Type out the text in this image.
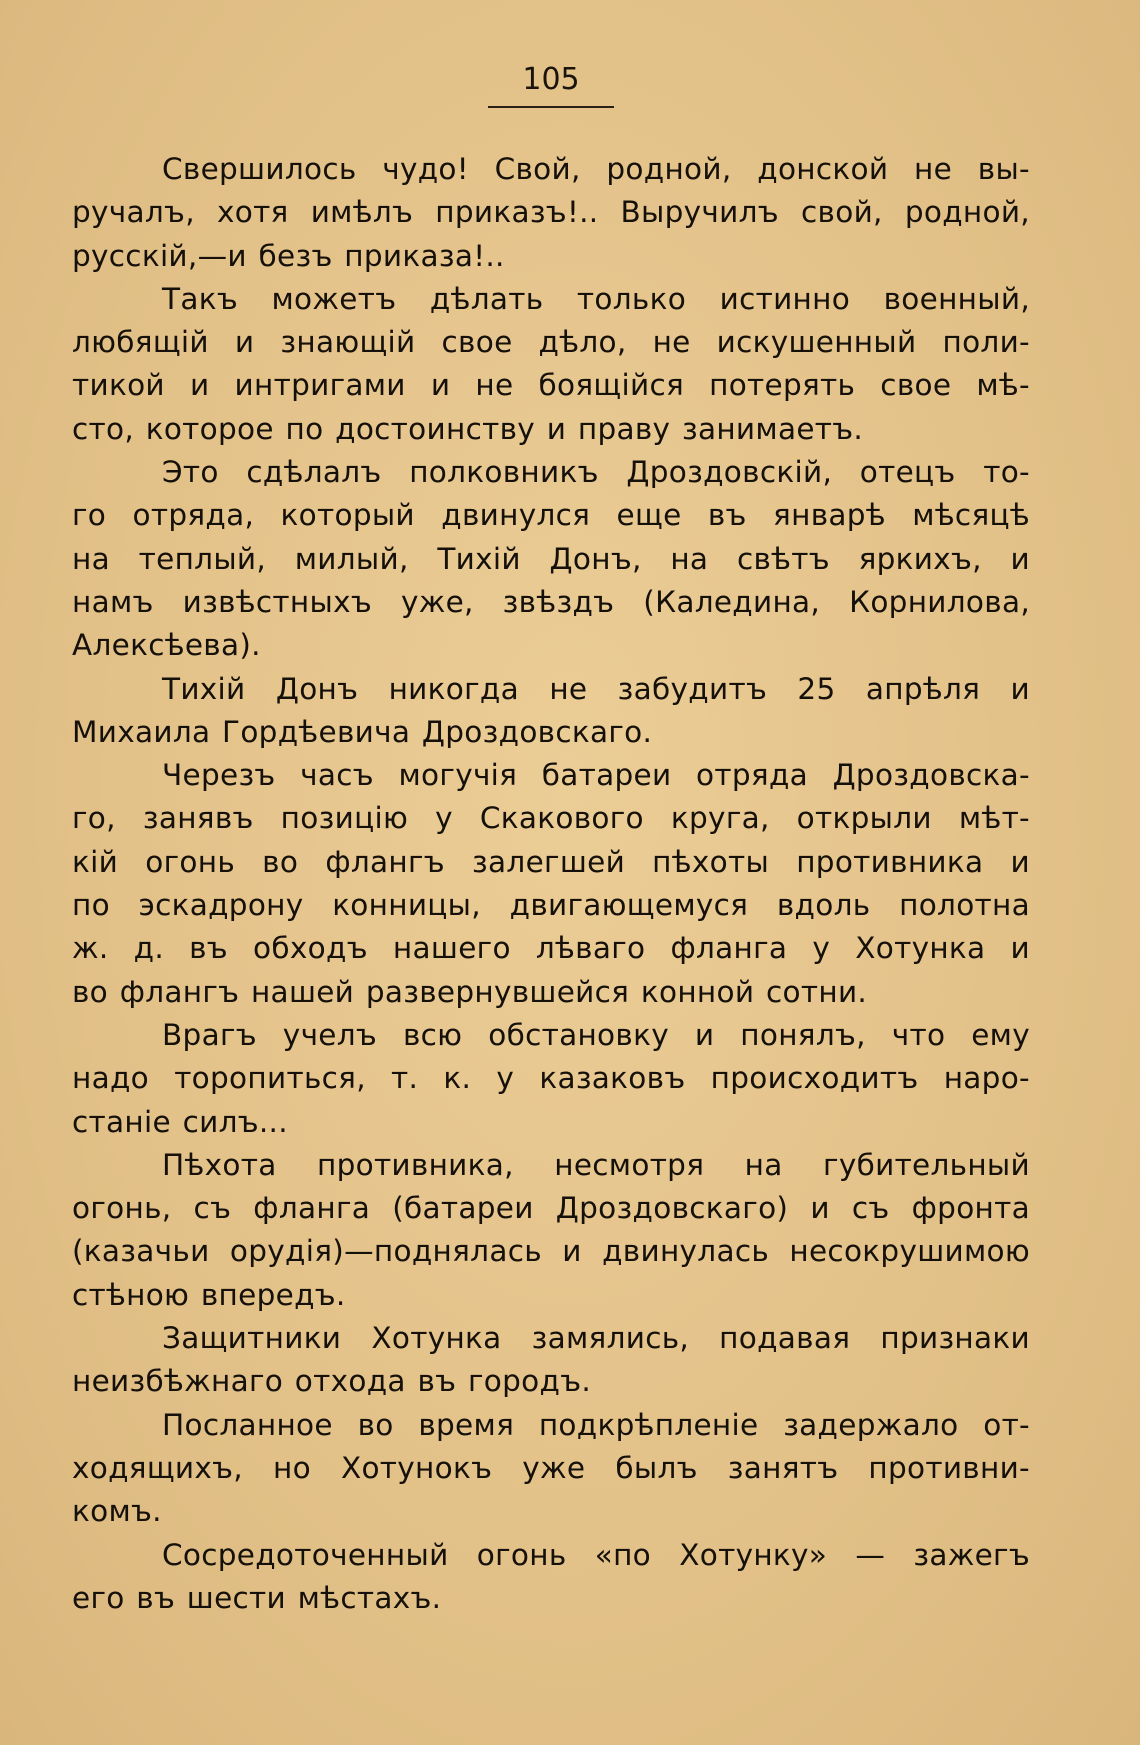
105
Свершилось чудо! Свой, родной, донской не вы-
ручалъ, хотя имѣлъ приказъ!.. Выручилъ свой, родной,
русскій,—и безъ приказа!..
Такъ можетъ дѣлать только истинно военный,
любящій и знающій свое дѣло, не искушенный поли-
тикой и интригами и не боящійся потерять свое мѣ-
сто, которое по достоинству и праву занимаетъ.
Это сдѣлалъ полковникъ Дроздовскій, отецъ то-
го отряда, который двинулся еще въ январѣ мѣсяцѣ
на теплый, милый, Тихій Донъ, на свѣтъ яркихъ, и
намъ извѣстныхъ уже, звѣздъ (Каледина, Корнилова,
Алексѣева).
Тихій Донъ никогда не забудитъ 25 апрѣля и
Михаила Гордѣевича Дроздовскаго.
Черезъ часъ могучія батареи отряда Дроздовска-
го, занявъ позицію у Скакового круга, открыли мѣт-
кій огонь во флангъ залегшей пѣхоты противника и
по эскадрону конницы, двигающемуся вдоль полотна
ж. д. въ обходъ нашего лѣваго фланга у Хотунка и
во флангъ нашей развернувшейся конной сотни.
Врагъ учелъ всю обстановку и понялъ, что ему
надо торопиться, т. к. у казаковъ происходитъ наро-
станіе силъ...
Пѣхота противника, несмотря на губительный
огонь, съ фланга (батареи Дроздовскаго) и съ фронта
(казачьи орудія)—поднялась и двинулась несокрушимою
стѣною впередъ.
Защитники Хотунка замялись, подавая признаки
неизбѣжнаго отхода въ городъ.
Посланное во время подкрѣпленіе задержало от-
ходящихъ, но Хотунокъ уже былъ занятъ противни-
комъ.
Сосредоточенный огонь «по Хотунку» — зажегъ
его въ шести мѣстахъ.
